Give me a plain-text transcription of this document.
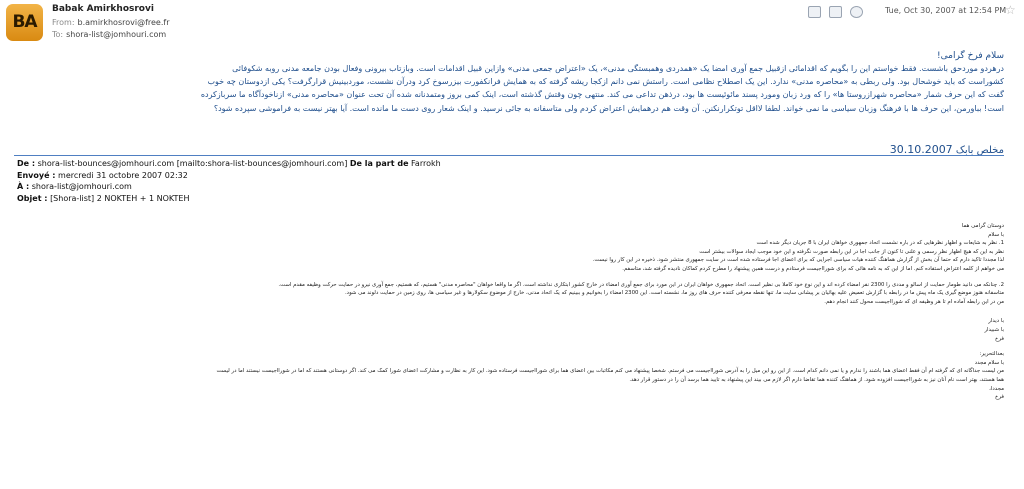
BA
Babak Amirkhosrovi
From: b.amirkhosrovi@free.fr
To: shora-list@jomhouri.com
Tue, Oct 30, 2007 at 12:54 PM
☆
سلام فرخ گرامی!
درهردو موردحق باشست. فقط خواستم این را بگویم که اقدامائی ازقبیل جمع آوری امضا یک «همدردی وهمبستگی مدنی»، یک «اعتراض جمعی مدنی» وازاین قبیل اقدامات است. وبازتاب بیرونی وفعال بودن جامعه مدنی روبه شکوفائی
کشوراست که باید خوشحال بود. ولی ربطی به «محاصره مدنی» ندارد. این یک اصطلاح نظامی است. راستش نمی دانم ازکجا ریشه گرفته که به همایش فرانکفورت بیزرسوخ کرد ودرآن نشست، موردبینیش قرارگرفت؟ یکی ازدوستان چه خوب
گفت که این حرف شمار «محاصره شهرازروستا ها» را که ورد زبان ومورد پسند مائوئیست ها بود، درذهن تداعی می کند. منتهی چون وقتش گذشته است، اینک کمی بروز ومتمدنانه شده آن تحت عنوان «محاصره مدنی» ازناخودآگاه ما سربازکرده
است! بباورمن، این حرف ها با فرهنگ وزبان سیاسی ما نمی خواند. لطفا لااقل توتکرارنکنن. آن وقت هم درهمایش اعتراض کردم ولی متاسفانه به جائی نرسید. و اینک شعار روی دست ما مانده است. آیا بهتر نیست به فراموشی سپرده شود؟
مخلص بابک 30.10.2007
De : shora-list-bounces@jomhouri.com [mailto:shora-list-bounces@jomhouri.com] De la part de Farrokh
Envoyé : mercredi 31 octobre 2007 02:32
À : shora-list@jomhouri.com
Objet : [Shora-list] 2 NOKTEH + 1 NOKTEH
دوستان گرامی هما
با سلام
1. نظر به شایعات و اظهار نظرهایی که در باره نشست اتحاد جمهوری خواهان ایران با 8 جریان دیگر شده است
نظر به این که هیچ اظهار نظر رسمی و علنی تا کنون از جانب اجا در این رابطه صورت نگرفته و این خود موجب ایجاد سوالات بیشتر است
لذا مجددا تاکید دارم که حتما آن بخش از گزارش هماهنگ کننده هیات سیاسی اجرایی که برای اعضای اجا فرستاده شده است در سایت جمهوری منتشر شود. ذخیره در این کار روا نیست.
می خواهم از کلمه اعتراض استفاده کنم. اما از این که به نامه هائی که برای شورااجیست فرستادم و درست همین پیشنهاد را مطرح کردم کماکان نادیده گرفته شد، متاسفم.
2. چنانکه می دانید طومار حمایت از اسالو و مددی را 2300 نفر امضاء کرده اند و این نوع خود کاملا بی نظیر است. اتحاد جمهوری خواهان ایران در این مورد برای جمع آوری امضاء در خارج کشور ابتکاری نداشته است. اگر ما واقعا خواهان "محاصره مدنی" هستیم، که هستیم، جمع آوری نیرو در حمایت حرکت وظیفه مقدم است.
متاسفانه هنوز موضع گیری یک ماه پیش ما در رابطه با گزارش تعمیض علیه بهائیان بر پیشانی سایت ما، تنها نقطه معرفی کننده حرف های روز ما، نشسته است. این 2300 امضاء را بخوانیم و ببینیم که یک اتحاد مدنی، خارج از موضوع سکولارها و غیر سیاسی ها، روی زمین در حمایت دلوند می شود.
من در این رابطه آماده ام تا هر وظیفه ای که شورااجیست محول کنند انجام دهم.
با دیدار
با شبیدار
فرخ
بعدالتحریر:
با سلام مجدد
من لیست جداگانه ای که گرفته ام آن فقط اعضای هما باشند را ندارم و یا نمی دانم کدام است. از این رو این میل را به آدرس شورااجیست می فرستم. شخصا پیشنهاد می کنم مکاتبات بین اعضای هما برای شورااجیست فرستاده شود. این کار به نظارت و مشارکت اعضای شورا کمک می کند. اگر دوستانی هستند که اما در شورااجیست نیستند اما در لیست
هما هستند، بهتر است نام آنان نیز به شورااجیست افزوده شود. از هماهنگ کننده هما تقاضا دارم اگر لازم می بیند این پیشنهاد به تایید هما برسد آن را در دستور قرار دهد.
مجددا،
فرخ
